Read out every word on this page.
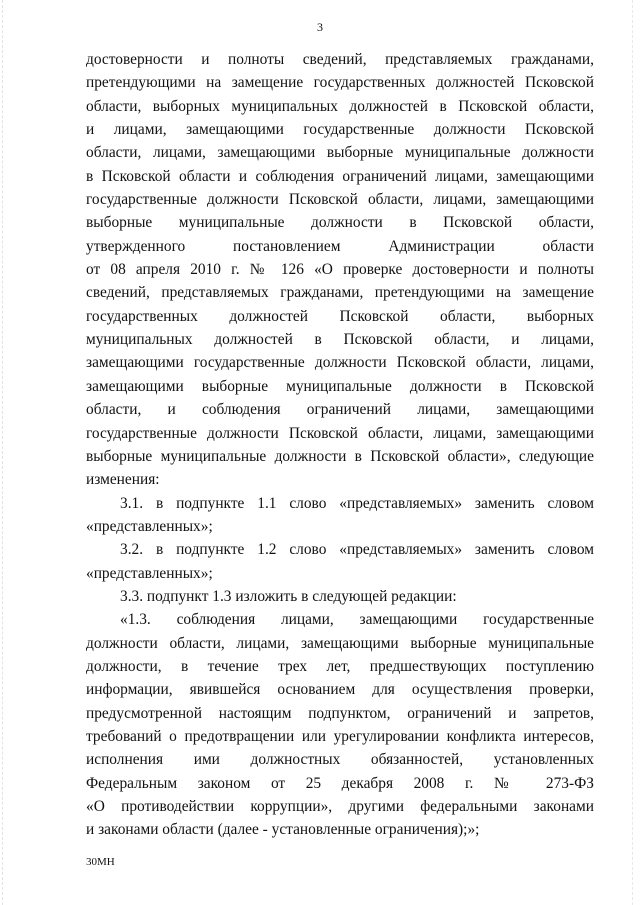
3
достоверности и полноты сведений, представляемых гражданами,
претендующими на замещение государственных должностей Псковской
области, выборных муниципальных должностей в Псковской области,
и лицами, замещающими государственные должности Псковской
области, лицами, замещающими выборные муниципальные должности
в Псковской области и соблюдения ограничений лицами, замещающими
государственные должности Псковской области, лицами, замещающими
выборные муниципальные должности в Псковской области,
утвержденного постановлением Администрации области
от 08 апреля 2010 г. № 126 «О проверке достоверности и полноты
сведений, представляемых гражданами, претендующими на замещение
государственных должностей Псковской области, выборных
муниципальных должностей в Псковской области, и лицами,
замещающими государственные должности Псковской области, лицами,
замещающими выборные муниципальные должности в Псковской
области, и соблюдения ограничений лицами, замещающими
государственные должности Псковской области, лицами, замещающими
выборные муниципальные должности в Псковской области», следующие
изменения:
3.1. в подпункте 1.1 слово «представляемых» заменить словом
«представленных»;
3.2. в подпункте 1.2 слово «представляемых» заменить словом
«представленных»;
3.3. подпункт 1.3 изложить в следующей редакции:
«1.3. соблюдения лицами, замещающими государственные
должности области, лицами, замещающими выборные муниципальные
должности, в течение трех лет, предшествующих поступлению
информации, явившейся основанием для осуществления проверки,
предусмотренной настоящим подпунктом, ограничений и запретов,
требований о предотвращении или урегулировании конфликта интересов,
исполнения ими должностных обязанностей, установленных
Федеральным законом от 25 декабря 2008 г. № 273-ФЗ
«О противодействии коррупции», другими федеральными законами
и законами области (далее - установленные ограничения);»;
30МН
